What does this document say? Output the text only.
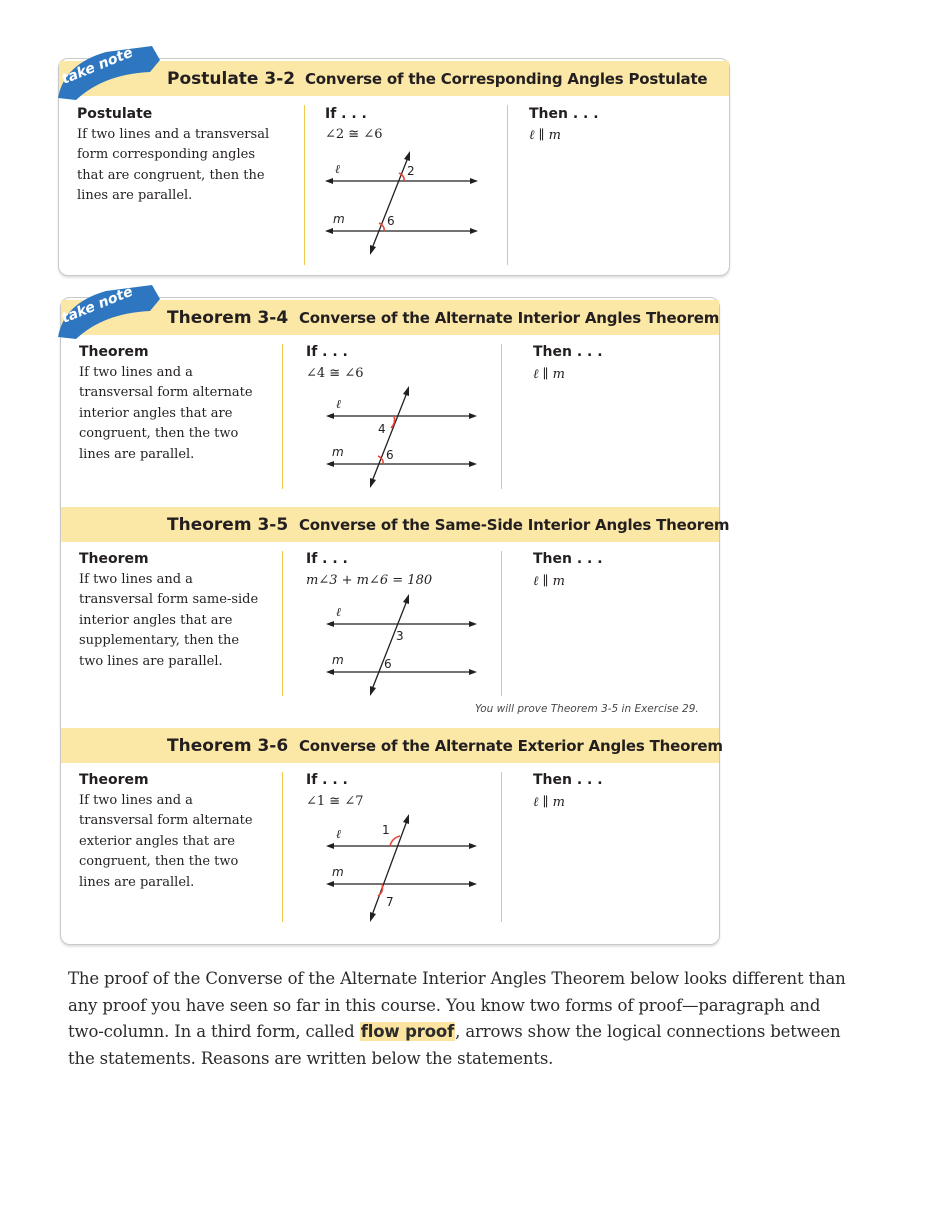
Postulate 3-2 Converse of the Corresponding Angles Postulate
Postulate
If two lines and a transversal form corresponding angles that are congruent, then the lines are parallel.
If . . .
∠2 ≅ ∠6
ℓ
m
2
6
Then . . .
ℓ ∥ m
take note
Theorem 3-4 Converse of the Alternate Interior Angles Theorem
Theorem
If two lines and a transversal form alternate interior angles that are congruent, then the two lines are parallel.
If . . .
∠4 ≅ ∠6
ℓ
m
4
6
Then . . .
ℓ ∥ m
Theorem 3-5 Converse of the Same-Side Interior Angles Theorem
Theorem
If two lines and a transversal form same-side interior angles that are supplementary, then the two lines are parallel.
If . . .
m∠3 + m∠6 = 180
ℓ
m
3
6
Then . . .
ℓ ∥ m
You will prove Theorem 3-5 in Exercise 29.
Theorem 3-6 Converse of the Alternate Exterior Angles Theorem
Theorem
If two lines and a transversal form alternate exterior angles that are congruent, then the two lines are parallel.
If . . .
∠1 ≅ ∠7
ℓ
m
1
7
Then . . .
ℓ ∥ m
take note
The proof of the Converse of the Alternate Interior Angles Theorem below looks different than any proof you have seen so far in this course. You know two forms of proof—paragraph and two-column. In a third form, called flow proof, arrows show the logical connections between the statements. Reasons are written below the statements.
